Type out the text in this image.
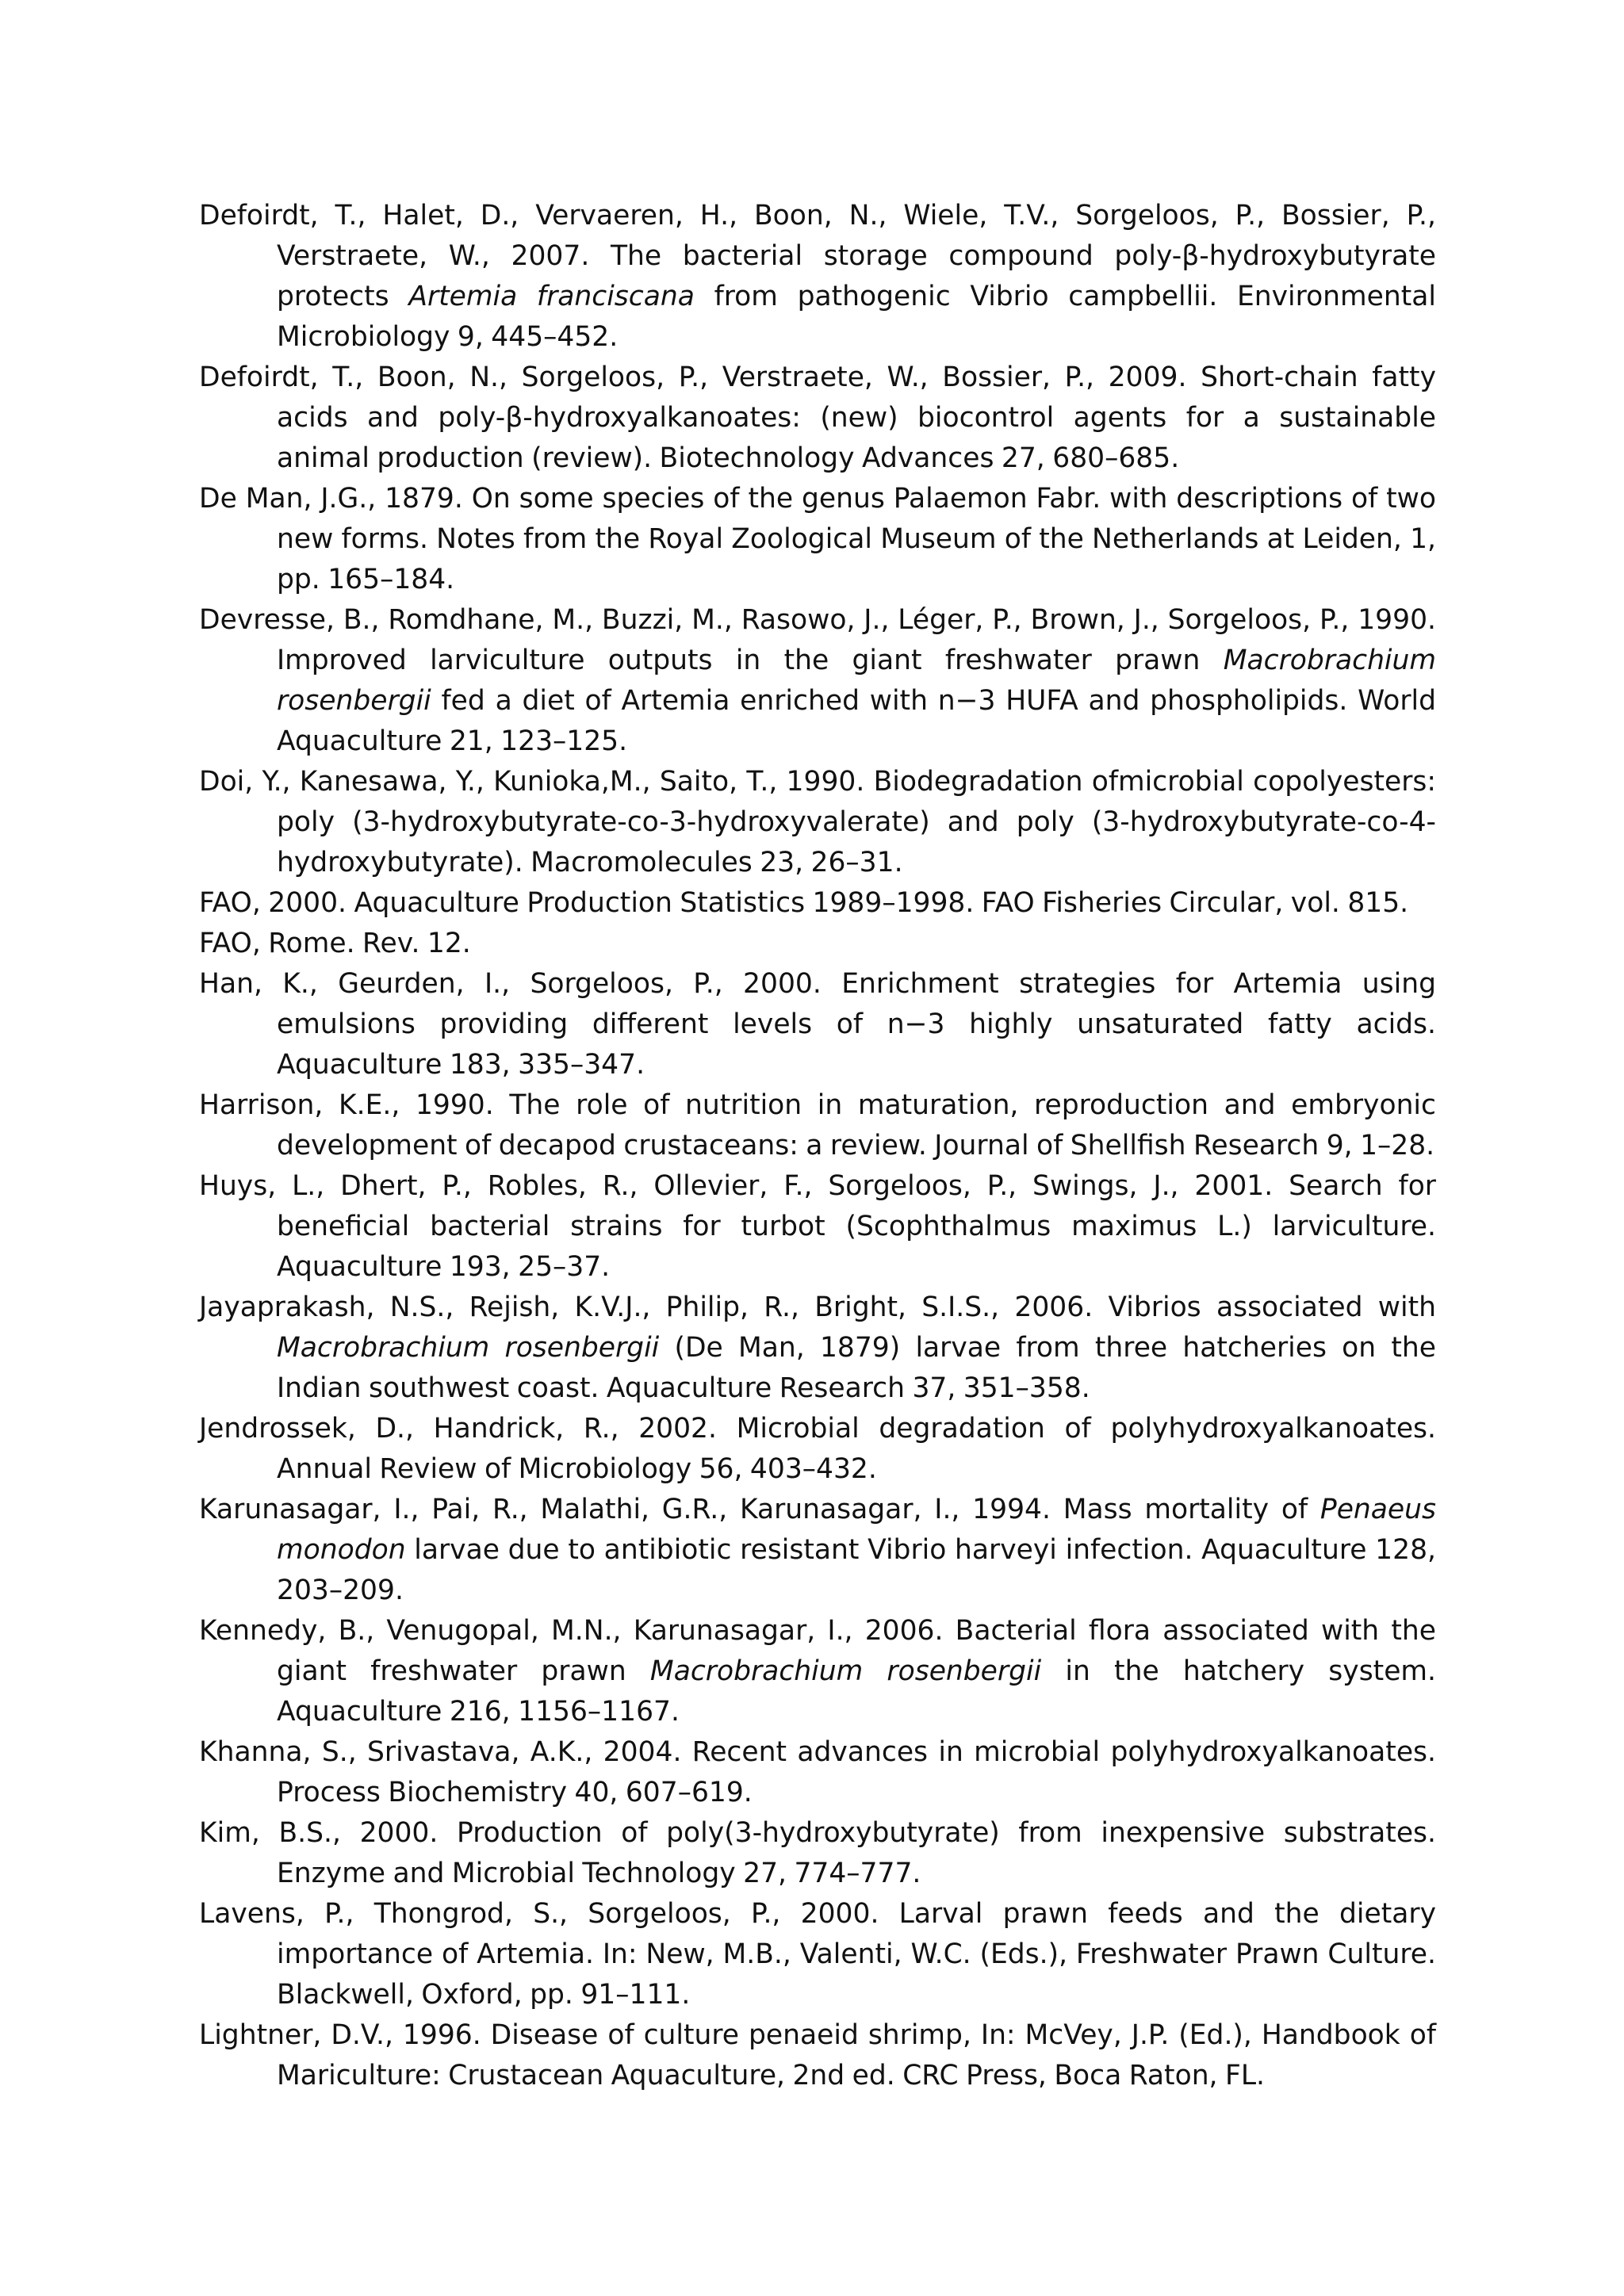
Defoirdt, T., Halet, D., Vervaeren, H., Boon, N., Wiele, T.V., Sorgeloos, P., Bossier, P., Verstraete, W., 2007. The bacterial storage compound poly-β-hydroxybutyrate protects Artemia franciscana from pathogenic Vibrio campbellii. Environmental Microbiology 9, 445–452.
Defoirdt, T., Boon, N., Sorgeloos, P., Verstraete, W., Bossier, P., 2009. Short-chain fatty acids and poly-β-hydroxyalkanoates: (new) biocontrol agents for a sustainable animal production (review). Biotechnology Advances 27, 680–685.
De Man, J.G., 1879. On some species of the genus Palaemon Fabr. with descriptions of two new forms. Notes from the Royal Zoological Museum of the Netherlands at Leiden, 1, pp. 165–184.
Devresse, B., Romdhane, M., Buzzi, M., Rasowo, J., Léger, P., Brown, J., Sorgeloos, P., 1990. Improved larviculture outputs in the giant freshwater prawn Macrobrachium rosenbergii fed a diet of Artemia enriched with n−3 HUFA and phospholipids. World Aquaculture 21, 123–125.
Doi, Y., Kanesawa, Y., Kunioka,M., Saito, T., 1990. Biodegradation ofmicrobial copolyesters: poly (3-hydroxybutyrate-co-3-hydroxyvalerate) and poly (3-hydroxybutyrate-co-4-hydroxybutyrate). Macromolecules 23, 26–31.
FAO, 2000. Aquaculture Production Statistics 1989–1998. FAO Fisheries Circular, vol. 815.
FAO, Rome. Rev. 12.
Han, K., Geurden, I., Sorgeloos, P., 2000. Enrichment strategies for Artemia using emulsions providing different levels of n−3 highly unsaturated fatty acids. Aquaculture 183, 335–347.
Harrison, K.E., 1990. The role of nutrition in maturation, reproduction and embryonic development of decapod crustaceans: a review. Journal of Shellfish Research 9, 1–28.
Huys, L., Dhert, P., Robles, R., Ollevier, F., Sorgeloos, P., Swings, J., 2001. Search for beneficial bacterial strains for turbot (Scophthalmus maximus L.) larviculture. Aquaculture 193, 25–37.
Jayaprakash, N.S., Rejish, K.V.J., Philip, R., Bright, S.I.S., 2006. Vibrios associated with Macrobrachium rosenbergii (De Man, 1879) larvae from three hatcheries on the Indian southwest coast. Aquaculture Research 37, 351–358.
Jendrossek, D., Handrick, R., 2002. Microbial degradation of polyhydroxyalkanoates. Annual Review of Microbiology 56, 403–432.
Karunasagar, I., Pai, R., Malathi, G.R., Karunasagar, I., 1994. Mass mortality of Penaeus monodon larvae due to antibiotic resistant Vibrio harveyi infection. Aquaculture 128, 203–209.
Kennedy, B., Venugopal, M.N., Karunasagar, I., 2006. Bacterial flora associated with the giant freshwater prawn Macrobrachium rosenbergii in the hatchery system. Aquaculture 216, 1156–1167.
Khanna, S., Srivastava, A.K., 2004. Recent advances in microbial polyhydroxyalkanoates. Process Biochemistry 40, 607–619.
Kim, B.S., 2000. Production of poly(3-hydroxybutyrate) from inexpensive substrates. Enzyme and Microbial Technology 27, 774–777.
Lavens, P., Thongrod, S., Sorgeloos, P., 2000. Larval prawn feeds and the dietary importance of Artemia. In: New, M.B., Valenti, W.C. (Eds.), Freshwater Prawn Culture. Blackwell, Oxford, pp. 91–111.
Lightner, D.V., 1996. Disease of culture penaeid shrimp, In: McVey, J.P. (Ed.), Handbook of Mariculture: Crustacean Aquaculture, 2nd ed. CRC Press, Boca Raton, FL.
